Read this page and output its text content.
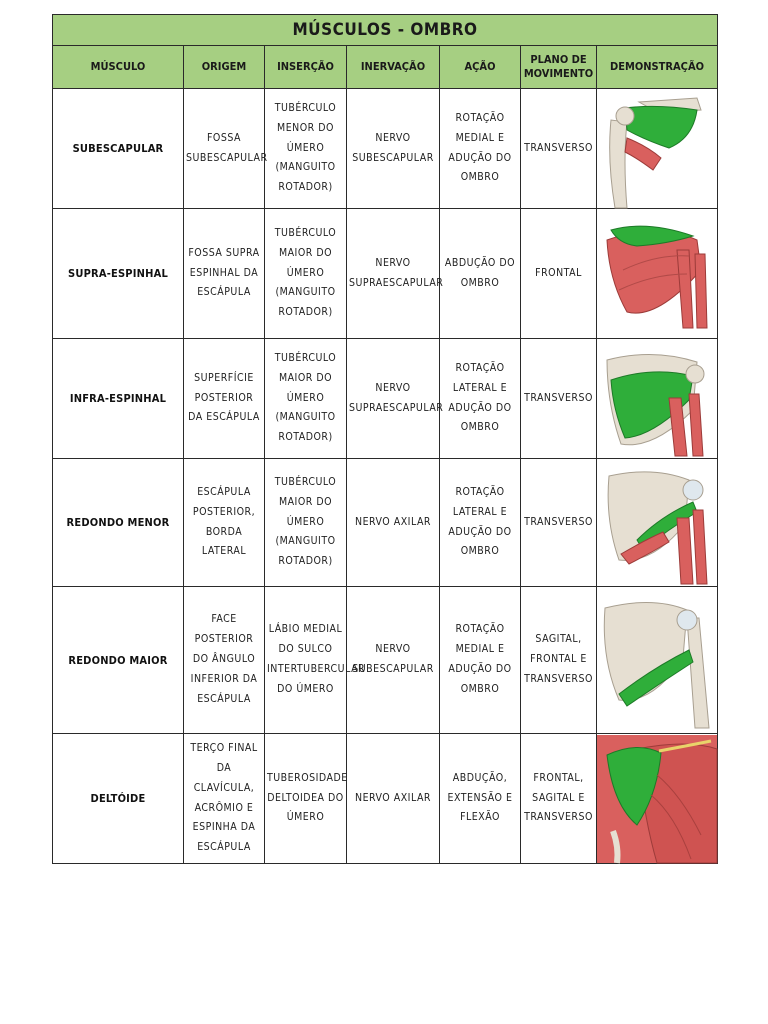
MÚSCULOS - OMBRO						
MÚSCULO	ORIGEM	INSERÇÃO	INERVAÇÃO	AÇÃO	PLANO DE MOVIMENTO	DEMONSTRAÇÃO
SUBESCAPULAR	FOSSA SUBESCAPULAR	TUBÉRCULO MENOR DO ÚMERO (MANGUITO ROTADOR)	NERVO SUBESCAPULAR	ROTAÇÃO MEDIAL E ADUÇÃO DO OMBRO	TRANSVERSO	

SUPRA-ESPINHAL	FOSSA SUPRA ESPINHAL DA ESCÁPULA	TUBÉRCULO MAIOR DO ÚMERO (MANGUITO ROTADOR)	NERVO SUPRAESCAPULAR	ABDUÇÃO DO OMBRO	FRONTAL	

INFRA-ESPINHAL	SUPERFÍCIE POSTERIOR DA ESCÁPULA	TUBÉRCULO MAIOR DO ÚMERO (MANGUITO ROTADOR)	NERVO SUPRAESCAPULAR	ROTAÇÃO LATERAL E ADUÇÃO DO OMBRO	TRANSVERSO	

REDONDO MENOR	ESCÁPULA POSTERIOR, BORDA LATERAL	TUBÉRCULO MAIOR DO ÚMERO (MANGUITO ROTADOR)	NERVO AXILAR	ROTAÇÃO LATERAL E ADUÇÃO DO OMBRO	TRANSVERSO	

REDONDO MAIOR	FACE POSTERIOR DO ÂNGULO INFERIOR DA ESCÁPULA	LÁBIO MEDIAL DO SULCO INTERTUBERCULAR DO ÚMERO	NERVO SUBESCAPULAR	ROTAÇÃO MEDIAL E ADUÇÃO DO OMBRO	SAGITAL, FRONTAL E TRANSVERSO	

DELTÓIDE	TERÇO FINAL DA CLAVÍCULA, ACRÔMIO E ESPINHA DA ESCÁPULA	TUBEROSIDADE DELTOIDEA DO ÚMERO	NERVO AXILAR	ABDUÇÃO, EXTENSÃO E FLEXÃO	FRONTAL, SAGITAL E TRANSVERSO	
